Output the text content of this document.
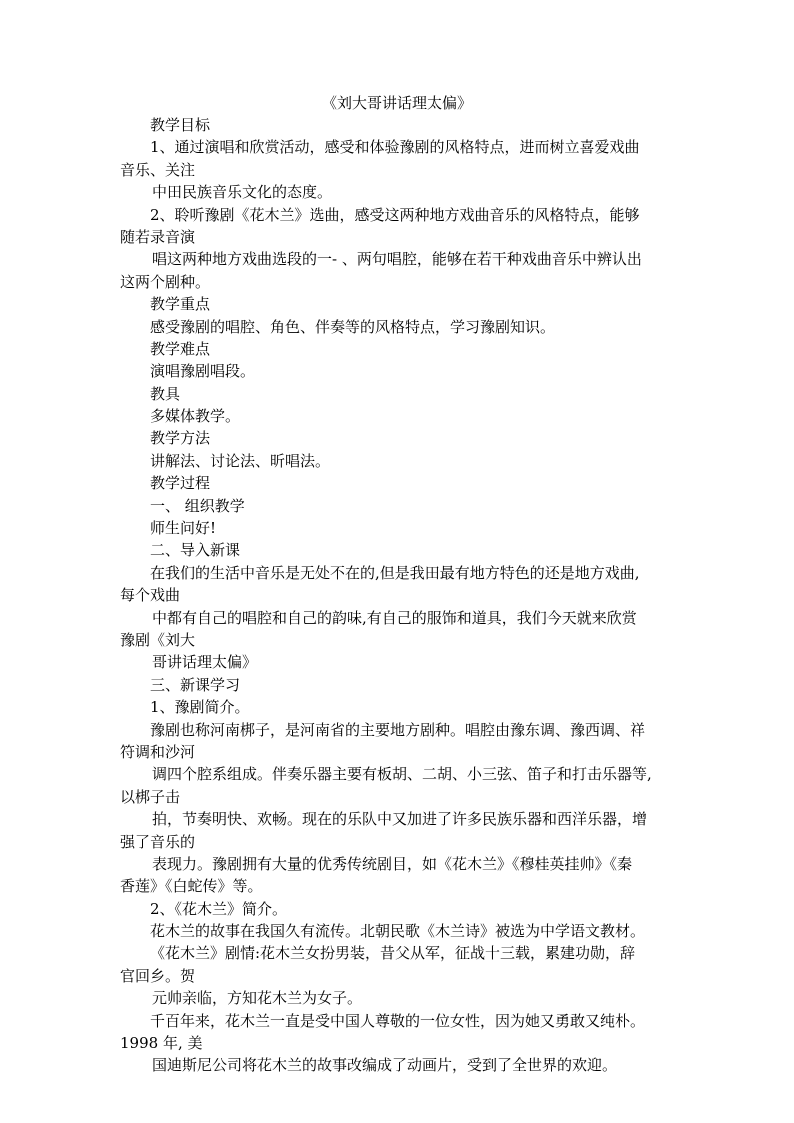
《刘大哥讲话理太偏》
教学目标
1、通过演唱和欣赏活动，感受和体验豫剧的风格特点，进而树立喜爱戏曲
音乐、关注
中田民族音乐文化的态度。
2、聆听豫剧《花木兰》选曲，感受这两种地方戏曲音乐的风格特点，能够
随若录音演
唱这两种地方戏曲选段的一- 、两句唱腔，能够在若干种戏曲音乐中辨认出
这两个剧种。
教学重点
感受豫剧的唱腔、角色、伴奏等的风格特点，学习豫剧知识。
教学难点
演唱豫剧唱段。
教具
多媒体教学。
教学方法
讲解法、讨论法、昕唱法。
教学过程
一、 组织教学
师生问好!
二、导入新课
在我们的生活中音乐是无处不在的,但是我田最有地方特色的还是地方戏曲,
每个戏曲
中都有自己的唱腔和自己的韵味,有自己的服饰和道具，我们今天就来欣赏
豫剧《刘大
哥讲话理太偏》
三、新课学习
1、豫剧简介。
豫剧也称河南梆子，是河南省的主要地方剧种。唱腔由豫东调、豫西调、祥
符调和沙河
调四个腔系组成。伴奏乐器主要有板胡、二胡、小三弦、笛子和打击乐器等,
以梆子击
拍，节奏明快、欢畅。现在的乐队中又加进了许多民族乐器和西洋乐器，增
强了音乐的
表现力。豫剧拥有大量的优秀传统剧目，如《花木兰》《穆桂英挂帅》《秦
香莲》《白蛇传》等。
2、《花木兰》简介。
花木兰的故事在我国久有流传。北朝民歌《木兰诗》被选为中学语文教材。
《花木兰》剧情:花木兰女扮男装，昔父从军，征战十三载，累建功勋，辞
官回乡。贺
元帅亲临，方知花木兰为女子。
千百年来，花木兰一直是受中国人尊敬的一位女性，因为她又勇敢又纯朴。
1998 年, 美
国迪斯尼公司将花木兰的故事改编成了动画片，受到了全世界的欢迎。
